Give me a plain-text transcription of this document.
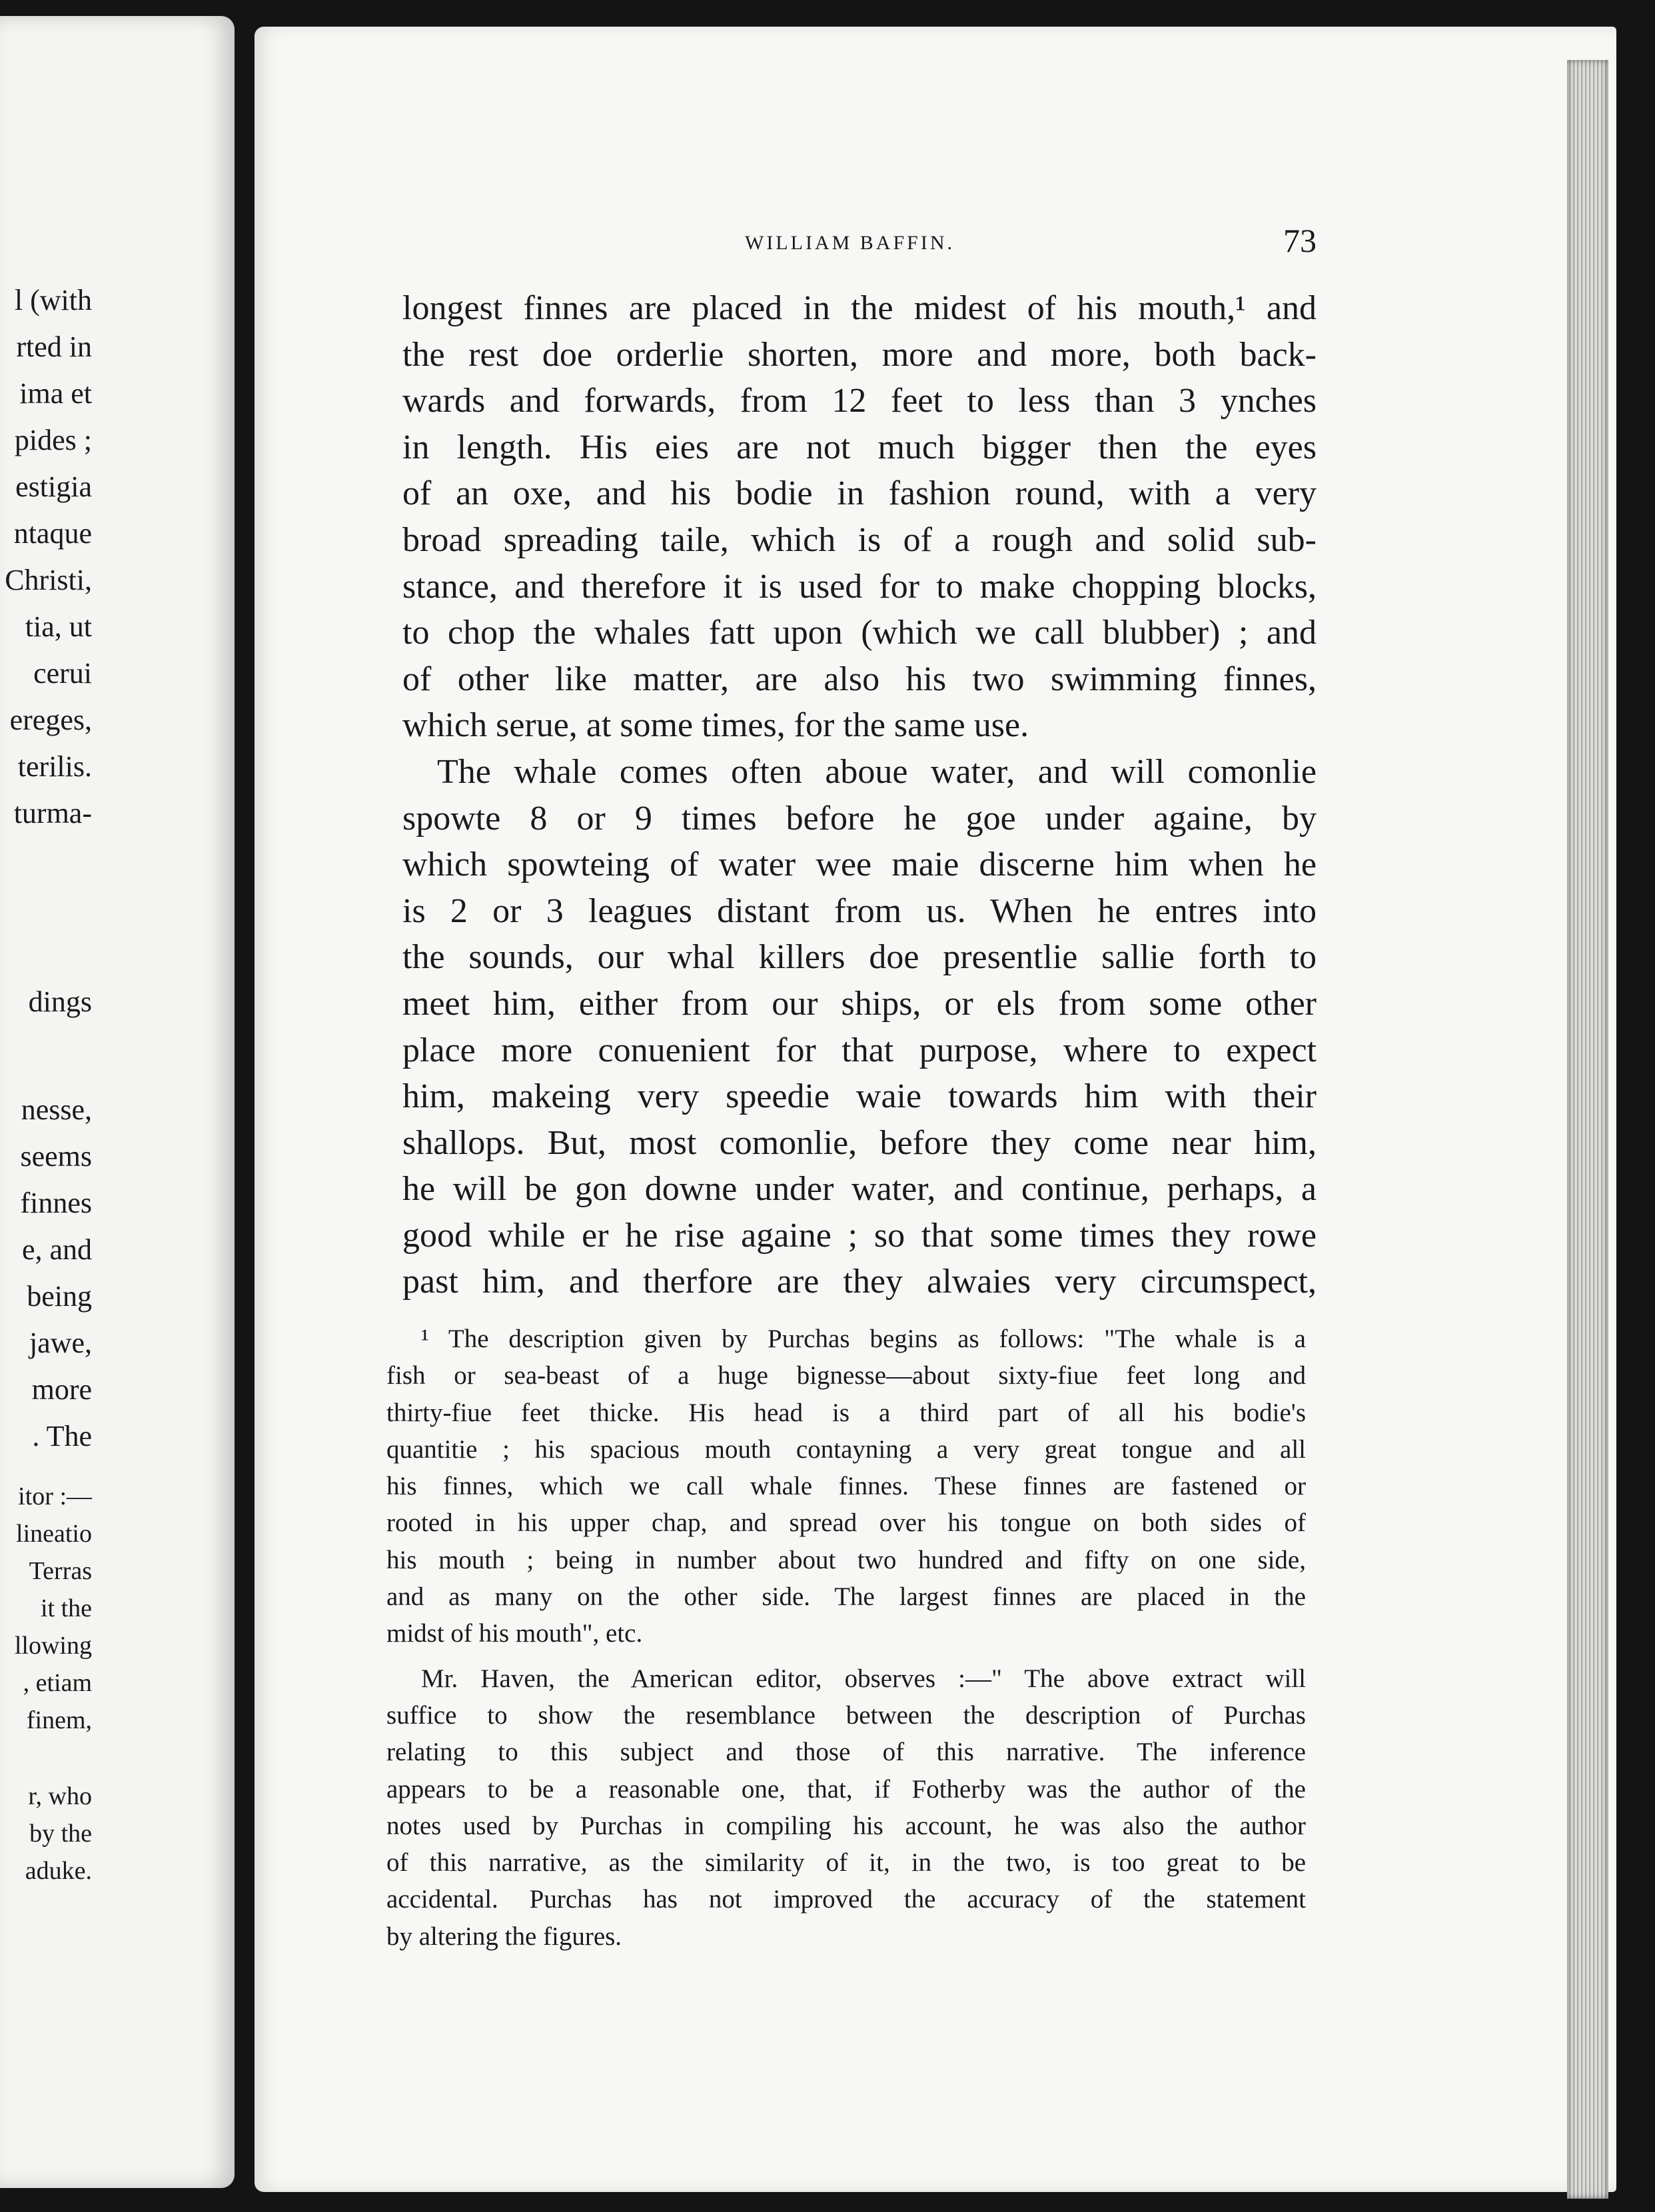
l (with
rted in
ima et
pides ;
estigia
ntaque
Christi,
tia, ut
cerui
ereges,
terilis.
turma-
dings
nesse,
seems
finnes
e, and
being
jawe,
more
. The
itor :—
lineatio
Terras
it the
llowing
, etiam
finem,
r, who
by the
aduke.
WILLIAM BAFFIN.	73
longest finnes are placed in the midest of his mouth,¹ and
the rest doe orderlie shorten, more and more, both back-
wards and forwards, from 12 feet to less than 3 ynches
in length. His eies are not much bigger then the eyes
of an oxe, and his bodie in fashion round, with a very
broad spreading taile, which is of a rough and solid sub-
stance, and therefore it is used for to make chopping blocks,
to chop the whales fatt upon (which we call blubber) ; and
of other like matter, are also his two swimming finnes,
which serue, at some times, for the same use.
The whale comes often aboue water, and will comonlie
spowte 8 or 9 times before he goe under againe, by
which spowteing of water wee maie discerne him when he
is 2 or 3 leagues distant from us. When he entres into
the sounds, our whal killers doe presentlie sallie forth to
meet him, either from our ships, or els from some other
place more conuenient for that purpose, where to expect
him, makeing very speedie waie towards him with their
shallops. But, most comonlie, before they come near him,
he will be gon downe under water, and continue, perhaps, a
good while er he rise againe ; so that some times they rowe
past him, and therfore are they alwaies very circumspect,
¹ The description given by Purchas begins as follows: "The whale is a
fish or sea-beast of a huge bignesse—about sixty-fiue feet long and
thirty-fiue feet thicke. His head is a third part of all his bodie's
quantitie ; his spacious mouth contayning a very great tongue and all
his finnes, which we call whale finnes. These finnes are fastened or
rooted in his upper chap, and spread over his tongue on both sides of
his mouth ; being in number about two hundred and fifty on one side,
and as many on the other side. The largest finnes are placed in the
midst of his mouth", etc.
Mr. Haven, the American editor, observes :—" The above extract will
suffice to show the resemblance between the description of Purchas
relating to this subject and those of this narrative. The inference
appears to be a reasonable one, that, if Fotherby was the author of the
notes used by Purchas in compiling his account, he was also the author
of this narrative, as the similarity of it, in the two, is too great to be
accidental. Purchas has not improved the accuracy of the statement
by altering the figures.
